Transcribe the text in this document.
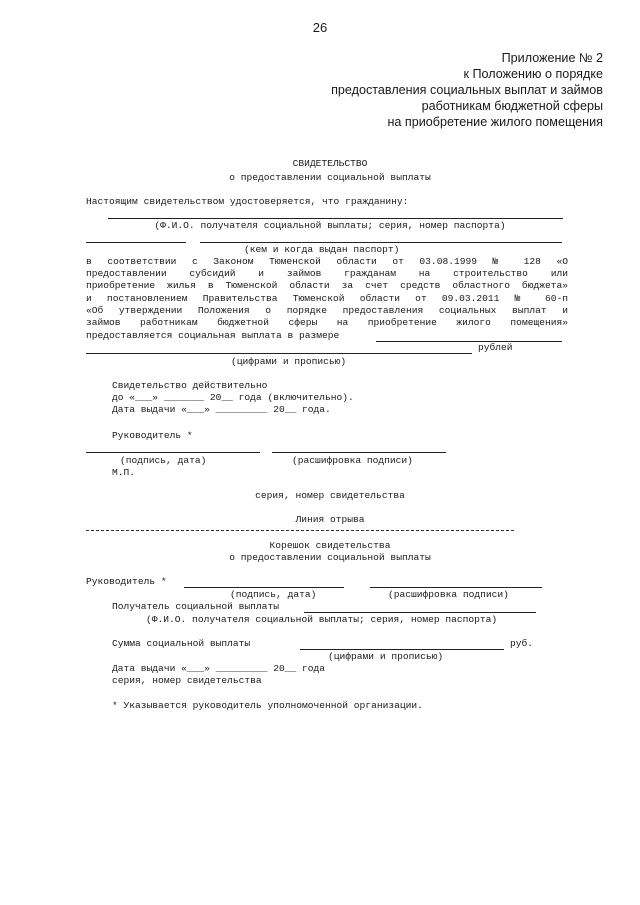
26
Приложение № 2
к Положению о порядке
предоставления социальных выплат и займов
работникам бюджетной сферы
на приобретение жилого помещения
СВИДЕТЕЛЬСТВО
о предоставлении социальной выплаты
Настоящим свидетельством удостоверяется, что гражданину:
(Ф.И.О. получателя социальной выплаты; серия, номер паспорта)
(кем и когда выдан паспорт)
в соответствии с Законом Тюменской области от 03.08.1999 № 128 «О
предоставлении субсидий и займов гражданам на строительство или
приобретение жилья в Тюменской области за счет средств областного бюджета»
и постановлением Правительства Тюменской области от 09.03.2011 № 60-п
«Об утверждении Положения о порядке предоставления социальных выплат и
займов работникам бюджетной сферы на приобретение жилого помещения»
предоставляется социальная выплата в размере
рублей
(цифрами и прописью)
Свидетельство действительно
до «___» _______ 20__ года (включительно).
Дата выдачи «___» _________ 20__ года.
Руководитель *
(подпись, дата)	(расшифровка подписи)
М.П.
серия, номер свидетельства
Линия отрыва
Корешок свидетельства
о предоставлении социальной выплаты
Руководитель *
(подпись, дата)	(расшифровка подписи)
Получатель социальной выплаты
(Ф.И.О. получателя социальной выплаты; серия, номер паспорта)
Сумма социальной выплаты	руб.
(цифрами и прописью)
Дата выдачи «___» _________ 20__ года
серия, номер свидетельства
* Указывается руководитель уполномоченной организации.
